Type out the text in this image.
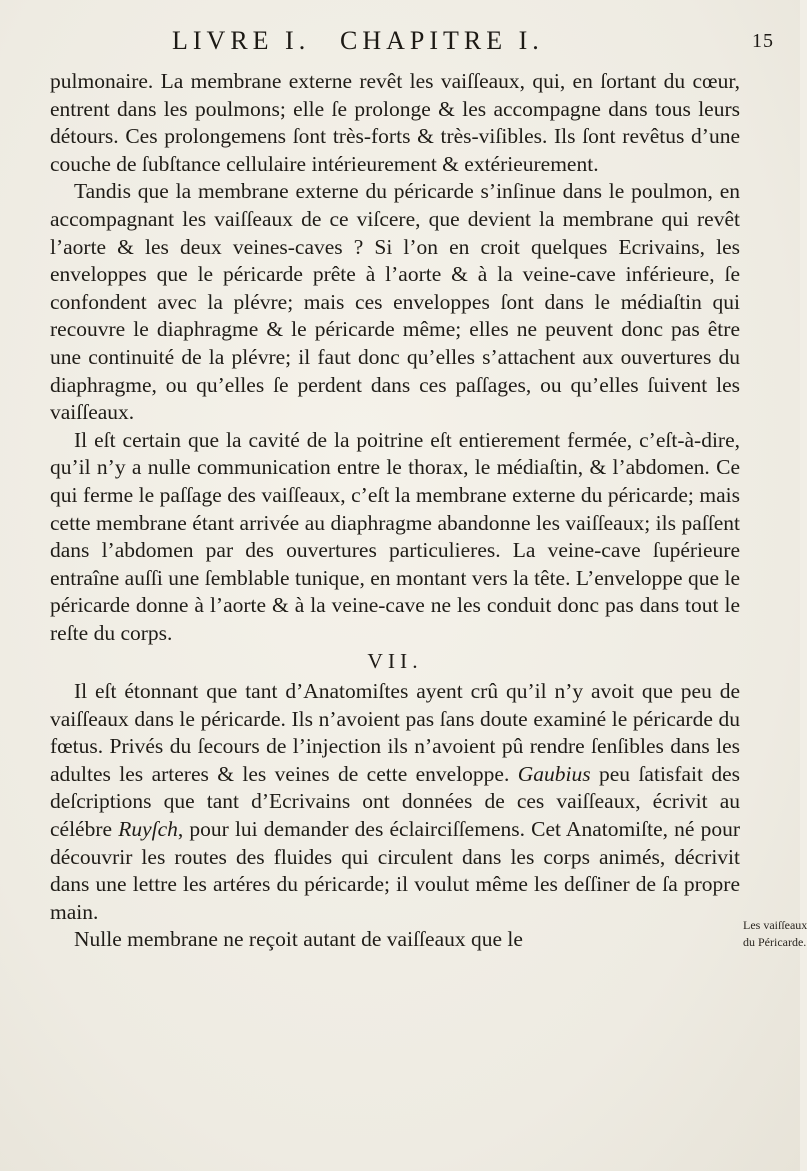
LIVRE I. CHAPITRE I.	15

pulmonaire. La membrane externe revêt les vaiſſeaux, qui, en ſortant du cœur, entrent dans les poulmons; elle ſe prolonge & les accompagne dans tous leurs détours. Ces prolongemens ſont très-forts & très-viſibles. Ils ſont revêtus d’une couche de ſubſtance cellulaire intérieurement & extérieurement.

Tandis que la membrane externe du péricarde s’inſinue dans le poulmon, en accompagnant les vaiſſeaux de ce viſcere, que devient la membrane qui revêt l’aorte & les deux veines-caves ? Si l’on en croit quelques Ecrivains, les enveloppes que le péricarde prête à l’aorte & à la veine-cave inférieure, ſe confondent avec la plévre; mais ces enveloppes ſont dans le médiaſtin qui recouvre le diaphragme & le péricarde même; elles ne peuvent donc pas être une continuité de la plévre; il faut donc qu’elles s’attachent aux ouvertures du diaphragme, ou qu’elles ſe perdent dans ces paſſages, ou qu’elles ſuivent les vaiſſeaux.

Il eſt certain que la cavité de la poitrine eſt entierement fermée, c’eſt-à-dire, qu’il n’y a nulle communication entre le thorax, le médiaſtin, & l’abdomen. Ce qui ferme le paſſage des vaiſſeaux, c’eſt la membrane externe du péricarde; mais cette membrane étant arrivée au diaphragme abandonne les vaiſſeaux; ils paſſent dans l’abdomen par des ouvertures particulieres. La veine-cave ſupérieure entraîne auſſi une ſemblable tunique, en montant vers la tête. L’enveloppe que le péricarde donne à l’aorte & à la veine-cave ne les conduit donc pas dans tout le reſte du corps.

VII.

Il eſt étonnant que tant d’Anatomiſtes ayent crû qu’il n’y avoit que peu de vaiſſeaux dans le péricarde. Ils n’avoient pas ſans doute examiné le péricarde du fœtus. Privés du ſecours de l’injection ils n’avoient pû rendre ſenſibles dans les adultes les arteres & les veines de cette enveloppe. Gaubius peu ſatisfait des deſcriptions que tant d’Ecrivains ont données de ces vaiſſeaux, écrivit au célébre Ruyſch, pour lui demander des éclairciſſemens. Cet Anatomiſte, né pour découvrir les routes des fluides qui circulent dans les corps animés, décrivit dans une lettre les artéres du péricarde; il voulut même les deſſiner de ſa propre main.

Nulle membrane ne reçoit autant de vaiſſeaux que le

Les vaiſſeaux
du Péricarde.
